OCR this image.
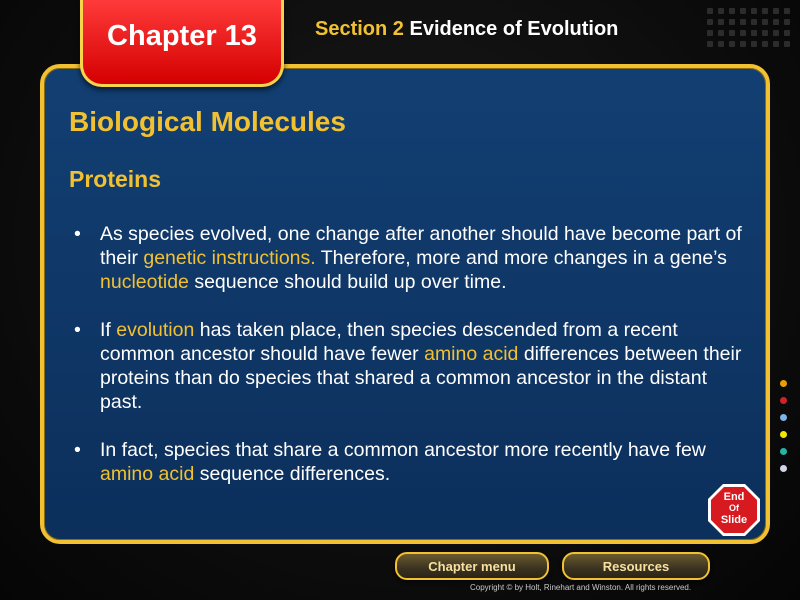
Chapter 13	Section 2 Evidence of Evolution
Biological Molecules
Proteins
• As species evolved, one change after another should have become part of their genetic instructions. Therefore, more and more changes in a gene’s nucleotide sequence should build up over time.
• If evolution has taken place, then species descended from a recent common ancestor should have fewer amino acid differences between their proteins than do species that shared a common ancestor in the distant past.
• In fact, species that share a common ancestor more recently have few amino acid sequence differences.
End
Of
Slide
Chapter menu	Resources
Copyright © by Holt, Rinehart and Winston. All rights reserved.
